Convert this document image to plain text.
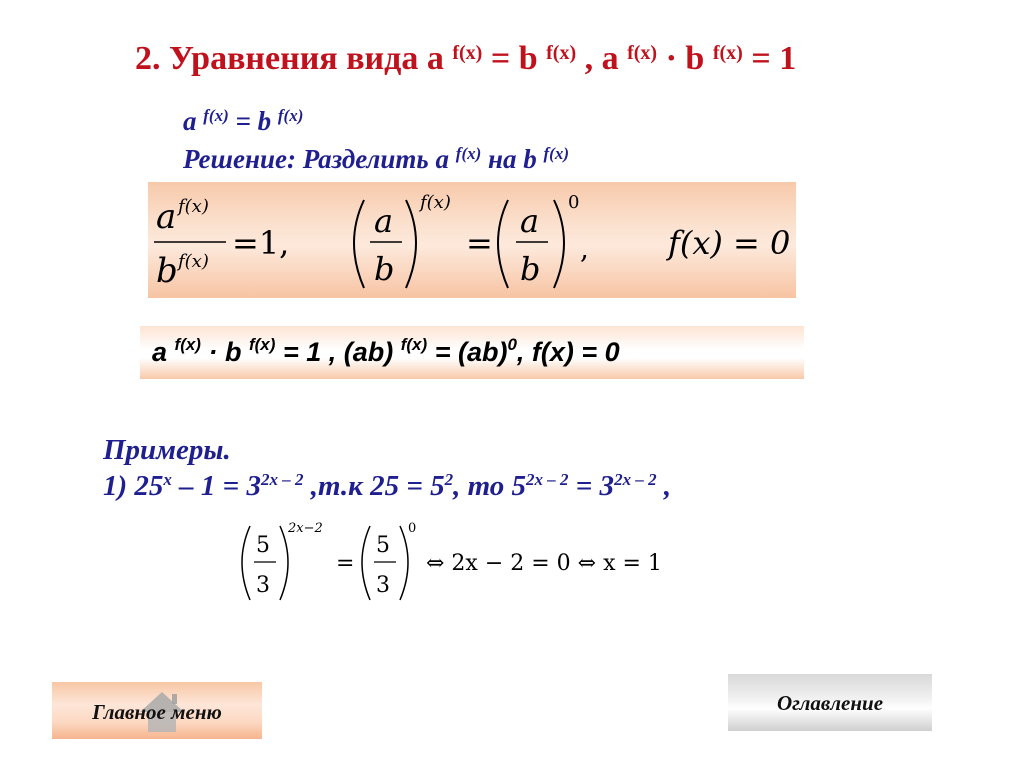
2. Уравнения вида a $^{f(x)}$ = b $^{f(x)}$ , a $^{f(x)}$ · b $^{f(x)}$ = 1
a $^{f(x)}$ = b $^{f(x)}$
Решение: Разделить a $^{f(x)}$ на b $^{f(x)}$
a f(x)
b f(x) =1,
a
b
f(x)
=
a
b
0
, f(x) = 0
a $^{f(x)}$ · b $^{f(x)}$ = 1 , (ab) $^{f(x)}$ = (ab)$^0$, f(x) = 0
Примеры.
1) $25^x - 1 = 3^{2x - 2}$ ,т.к $25 = 5^2$, то $5^{2x - 2} = 3^{2x - 2}$ ,
5
3
2x−2
=
5
3
0
⇔ 2x − 2 = 0 ⇔ x = 1
Главное меню	Оглавление
